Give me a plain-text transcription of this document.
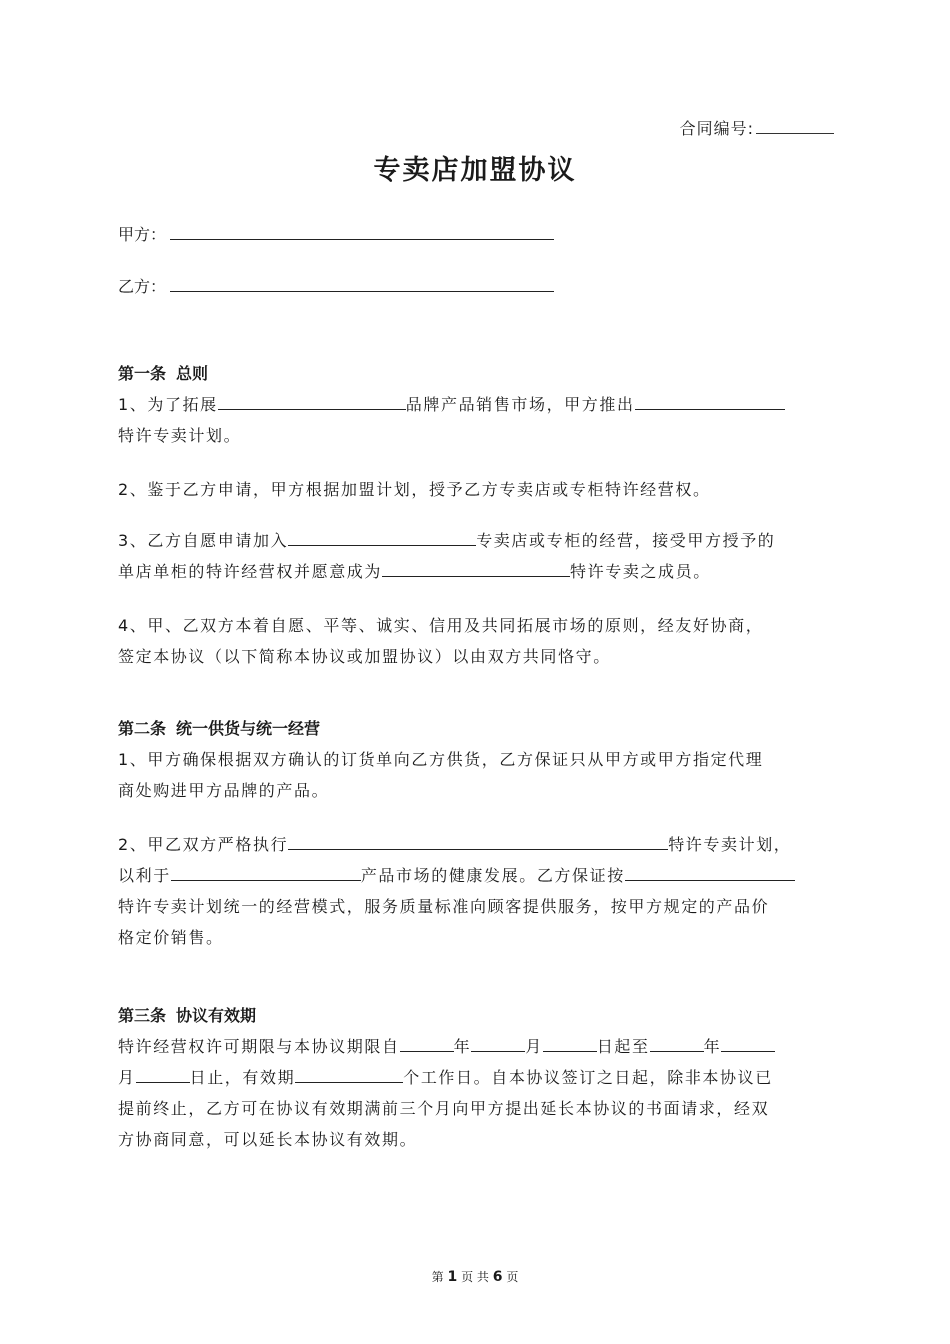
合同编号:
专卖店加盟协议
甲方：
乙方：
第一条 总则
1、为了拓展	品牌产品销售市场，甲方推出
特许专卖计划。
2、鉴于乙方申请，甲方根据加盟计划，授予乙方专卖店或专柜特许经营权。
3、乙方自愿申请加入	专卖店或专柜的经营，接受甲方授予的
单店单柜的特许经营权并愿意成为	特许专卖之成员。
4、甲、乙双方本着自愿、平等、诚实、信用及共同拓展市场的原则，经友好协商，
签定本协议（以下简称本协议或加盟协议）以由双方共同恪守。
第二条 统一供货与统一经营
1、甲方确保根据双方确认的订货单向乙方供货，乙方保证只从甲方或甲方指定代理
商处购进甲方品牌的产品。
2、甲乙双方严格执行	特许专卖计划，
以利于	产品市场的健康发展。乙方保证按
特许专卖计划统一的经营模式，服务质量标准向顾客提供服务，按甲方规定的产品价
格定价销售。
第三条 协议有效期
特许经营权许可期限与本协议期限自	年	月	日起至	年
月	日止，有效期	个工作日。自本协议签订之日起，除非本协议已
提前终止，乙方可在协议有效期满前三个月向甲方提出延长本协议的书面请求，经双
方协商同意，可以延长本协议有效期。
第 1 页 共 6 页
